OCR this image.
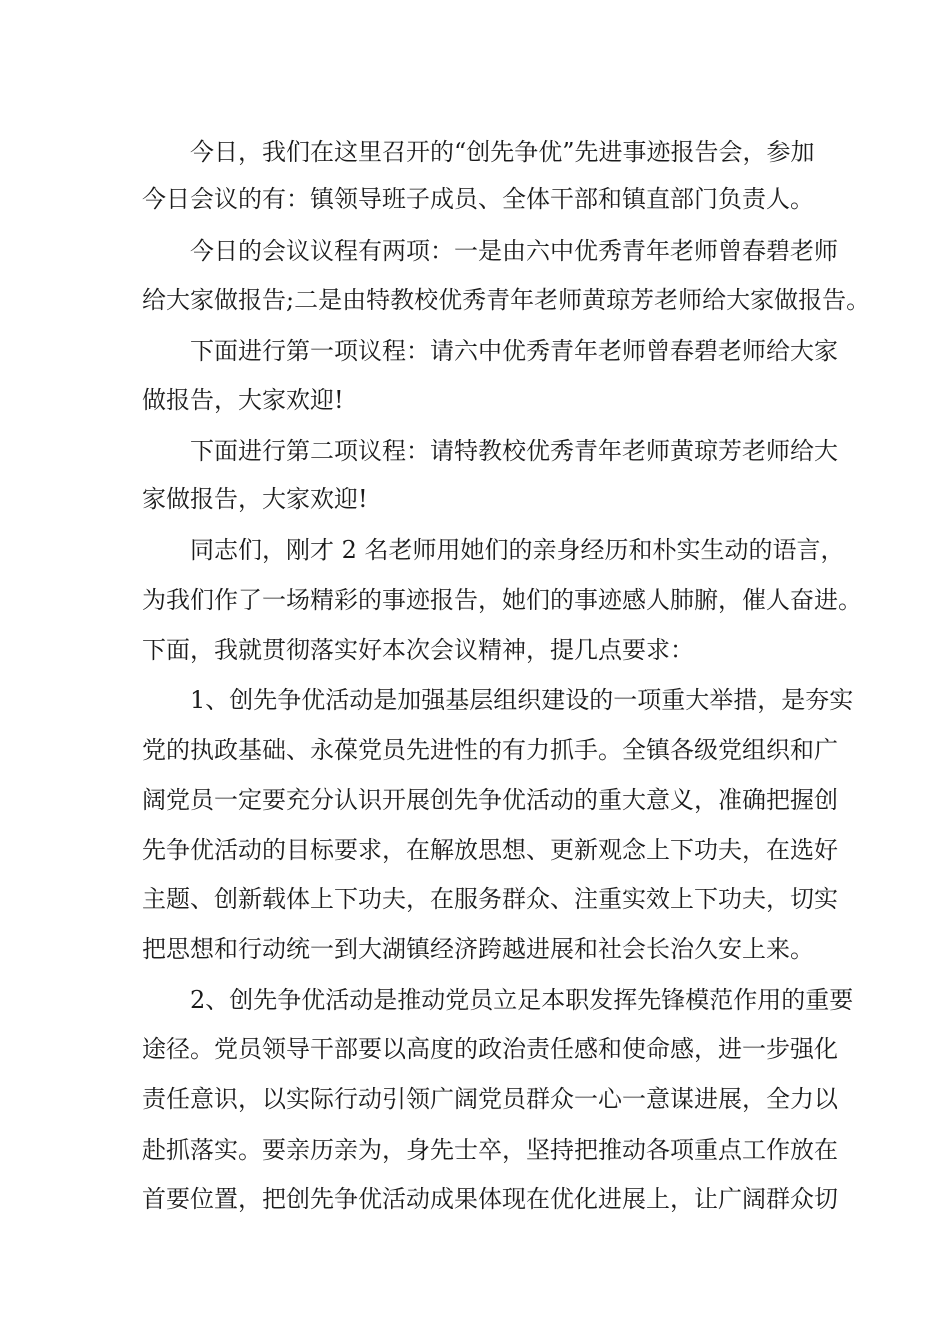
今日，我们在这里召开的“创先争优”先进事迹报告会，参加
今日会议的有：镇领导班子成员、全体干部和镇直部门负责人。
今日的会议议程有两项：一是由六中优秀青年老师曾春碧老师
给大家做报告;二是由特教校优秀青年老师黄琼芳老师给大家做报告。
下面进行第一项议程：请六中优秀青年老师曾春碧老师给大家
做报告，大家欢迎!
下面进行第二项议程：请特教校优秀青年老师黄琼芳老师给大
家做报告，大家欢迎!
同志们，刚才 2 名老师用她们的亲身经历和朴实生动的语言，
为我们作了一场精彩的事迹报告，她们的事迹感人肺腑，催人奋进。
下面，我就贯彻落实好本次会议精神，提几点要求：
1、创先争优活动是加强基层组织建设的一项重大举措，是夯实
党的执政基础、永葆党员先进性的有力抓手。全镇各级党组织和广
阔党员一定要充分认识开展创先争优活动的重大意义，准确把握创
先争优活动的目标要求，在解放思想、更新观念上下功夫，在选好
主题、创新载体上下功夫，在服务群众、注重实效上下功夫，切实
把思想和行动统一到大湖镇经济跨越进展和社会长治久安上来。
2、创先争优活动是推动党员立足本职发挥先锋模范作用的重要
途径。党员领导干部要以高度的政治责任感和使命感，进一步强化
责任意识，以实际行动引领广阔党员群众一心一意谋进展，全力以
赴抓落实。要亲历亲为，身先士卒，坚持把推动各项重点工作放在
首要位置，把创先争优活动成果体现在优化进展上，让广阔群众切
